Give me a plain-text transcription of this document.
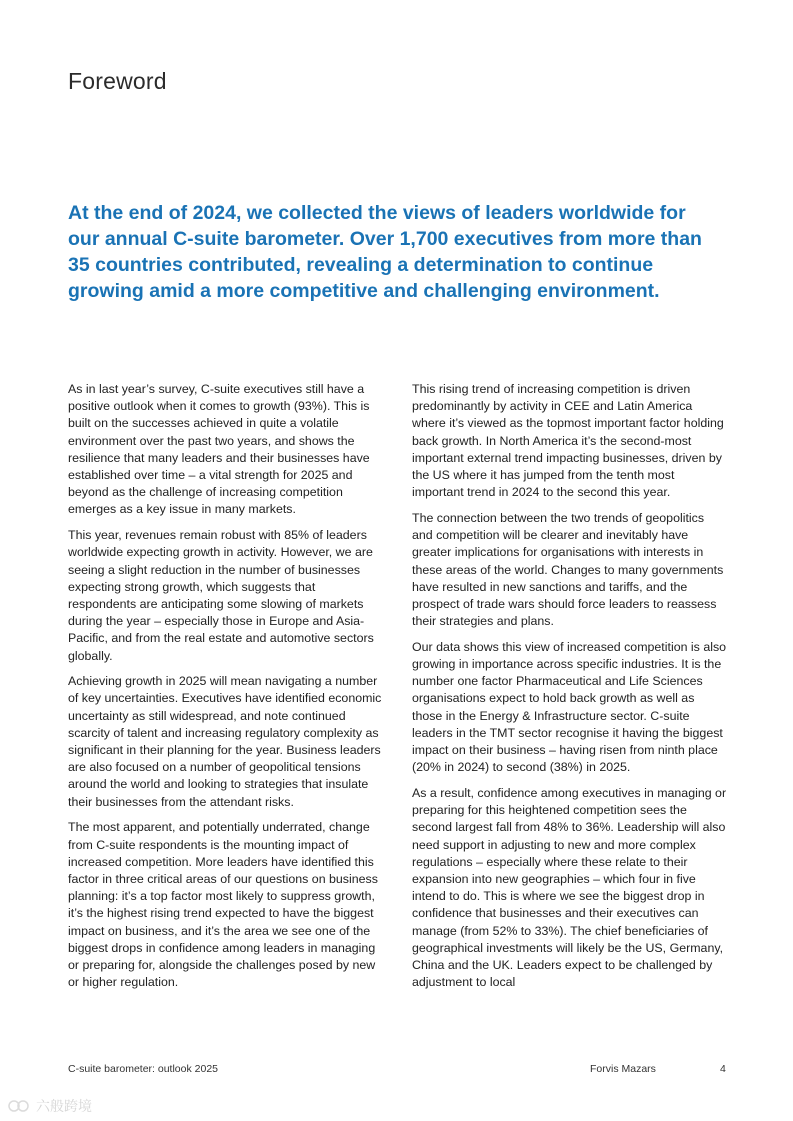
Foreword

At the end of 2024, we collected the views of leaders worldwide for our annual C-suite barometer. Over 1,700 executives from more than 35 countries contributed, revealing a determination to continue growing amid a more competitive and challenging environment.

As in last year’s survey, C-suite executives still have a positive outlook when it comes to growth (93%). This is built on the successes achieved in quite a volatile environment over the past two years, and shows the resilience that many leaders and their businesses have established over time – a vital strength for 2025 and beyond as the challenge of increasing competition emerges as a key issue in many markets.

This year, revenues remain robust with 85% of leaders worldwide expecting growth in activity. However, we are seeing a slight reduction in the number of businesses expecting strong growth, which suggests that respondents are anticipating some slowing of markets during the year – especially those in Europe and Asia-Pacific, and from the real estate and automotive sectors globally.

Achieving growth in 2025 will mean navigating a number of key uncertainties. Executives have identified economic uncertainty as still widespread, and note continued scarcity of talent and increasing regulatory complexity as significant in their planning for the year. Business leaders are also focused on a number of geopolitical tensions around the world and looking to strategies that insulate their businesses from the attendant risks.

The most apparent, and potentially underrated, change from C-suite respondents is the mounting impact of increased competition. More leaders have identified this factor in three critical areas of our questions on business planning: it’s a top factor most likely to suppress growth, it’s the highest rising trend expected to have the biggest impact on business, and it’s the area we see one of the biggest drops in confidence among leaders in managing or preparing for, alongside the challenges posed by new or higher regulation.

This rising trend of increasing competition is driven predominantly by activity in CEE and Latin America where it’s viewed as the topmost important factor holding back growth. In North America it’s the second-most important external trend impacting businesses, driven by the US where it has jumped from the tenth most important trend in 2024 to the second this year.

The connection between the two trends of geopolitics and competition will be clearer and inevitably have greater implications for organisations with interests in these areas of the world. Changes to many governments have resulted in new sanctions and tariffs, and the prospect of trade wars should force leaders to reassess their strategies and plans.

Our data shows this view of increased competition is also growing in importance across specific industries. It is the number one factor Pharmaceutical and Life Sciences organisations expect to hold back growth as well as those in the Energy & Infrastructure sector. C-suite leaders in the TMT sector recognise it having the biggest impact on their business – having risen from ninth place (20% in 2024) to second (38%) in 2025.

As a result, confidence among executives in managing or preparing for this heightened competition sees the second largest fall from 48% to 36%. Leadership will also need support in adjusting to new and more complex regulations – especially where these relate to their expansion into new geographies – which four in five intend to do. This is where we see the biggest drop in confidence that businesses and their executives can manage (from 52% to 33%). The chief beneficiaries of geographical investments will likely be the US, Germany, China and the UK. Leaders expect to be challenged by adjustment to local

C-suite barometer: outlook 2025	Forvis Mazars	4
六般跨境
